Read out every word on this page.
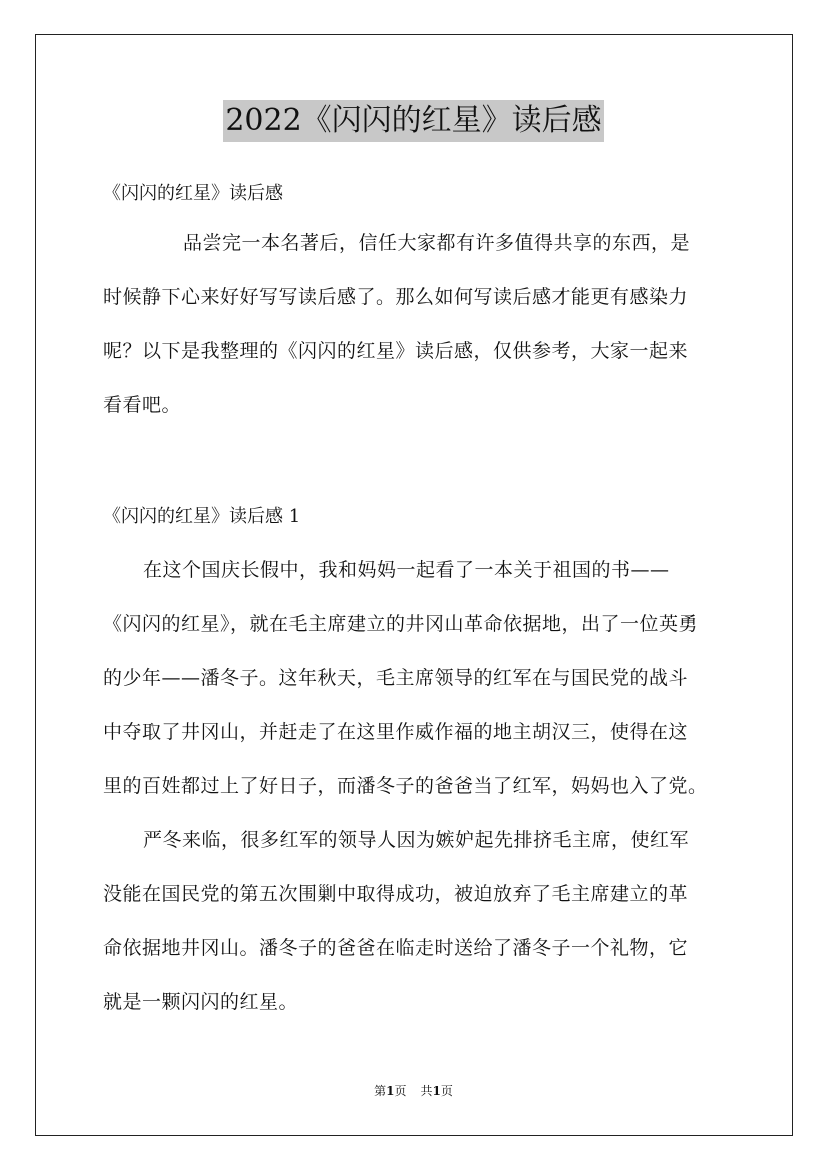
2022《闪闪的红星》读后感

《闪闪的红星》读后感

品尝完一本名著后，信任大家都有许多值得共享的东西，是

时候静下心来好好写写读后感了。那么如何写读后感才能更有感染力

呢？以下是我整理的《闪闪的红星》读后感，仅供参考，大家一起来

看看吧。

《闪闪的红星》读后感 1

在这个国庆长假中，我和妈妈一起看了一本关于祖国的书——

《闪闪的红星》，就在毛主席建立的井冈山革命依据地，出了一位英勇

的少年——潘冬子。这年秋天，毛主席领导的红军在与国民党的战斗

中夺取了井冈山，并赶走了在这里作威作福的地主胡汉三，使得在这

里的百姓都过上了好日子，而潘冬子的爸爸当了红军，妈妈也入了党。

严冬来临，很多红军的领导人因为嫉妒起先排挤毛主席，使红军

没能在国民党的第五次围剿中取得成功，被迫放弃了毛主席建立的革

命依据地井冈山。潘冬子的爸爸在临走时送给了潘冬子一个礼物，它

就是一颗闪闪的红星。

第1页 共1页
